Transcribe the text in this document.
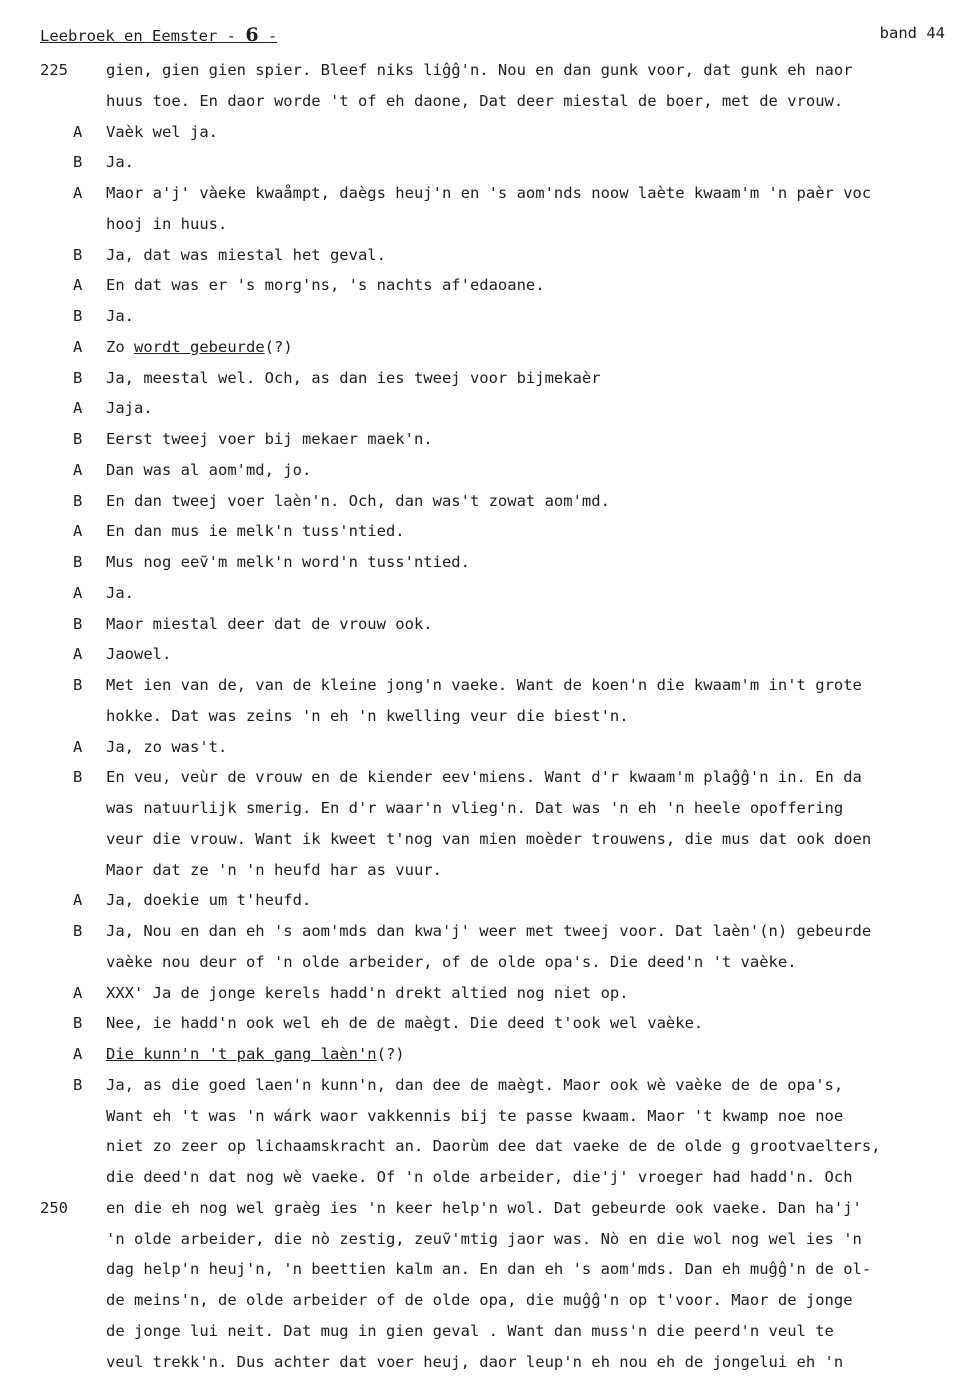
Leebroek en Eemster - 6 -	band 44
225 gien, gien gien spier. Bleef niks liĝĝ'n. Nou en dan gunk voor, dat gunk eh naor
huus toe. En daor worde 't of eh daone, Dat deer miestal de boer, met de vrouw.
A Vaèk wel ja.
B Ja.
A Maor a'j' vàeke kwaåmpt, daègs heuj'n en 's aom'nds noow laète kwaam'm 'n paèr voc
hooj in huus.
B Ja, dat was miestal het geval.
A En dat was er 's morg'ns, 's nachts af'edaoane.
B Ja.
A Zo wordt gebeurde(?)
B Ja, meestal wel. Och, as dan ies tweej voor bijmekaèr
A Jaja.
B Eerst tweej voer bij mekaer maek'n.
A Dan was al aom'md, jo.
B En dan tweej voer laèn'n. Och, dan was't zowat aom'md.
A En dan mus ie melk'n tuss'ntied.
B Mus nog eeṽ'm melk'n word'n tuss'ntied.
A Ja.
B Maor miestal deer dat de vrouw ook.
A Jaowel.
B Met ien van de, van de kleine jong'n vaeke. Want de koen'n die kwaam'm in't grote
hokke. Dat was zeins 'n eh 'n kwelling veur die biest'n.
A Ja, zo was't.
B En veu, veùr de vrouw en de kiender eev'miens. Want d'r kwaam'm plaĝĝ'n in. En da
was natuurlijk smerig. En d'r waar'n vlieg'n. Dat was 'n eh 'n heele opoffering
veur die vrouw. Want ik kweet t'nog van mien moèder trouwens, die mus dat ook doen
Maor dat ze 'n 'n heufd har as vuur.
A Ja, doekie um t'heufd.
B Ja, Nou en dan eh 's aom'mds dan kwa'j' weer met tweej voor. Dat laèn'(n) gebeurde
vaèke nou deur of 'n olde arbeider, of de olde opa's. Die deed'n 't vaèke.
A XXX' Ja de jonge kerels hadd'n drekt altied nog niet op.
B Nee, ie hadd'n ook wel eh de de maègt. Die deed t'ook wel vaèke.
A Die kunn'n 't pak gang laèn'n(?)
B Ja, as die goed laen'n kunn'n, dan dee de maègt. Maor ook wè vaèke de de opa's,
Want eh 't was 'n wárk waor vakkennis bij te passe kwaam. Maor 't kwamp noe noe
niet zo zeer op lichaamskracht an. Daorùm dee dat vaeke de de olde g grootvaelters,
die deed'n dat nog wè vaeke. Of 'n olde arbeider, die'j' vroeger had hadd'n. Och
250 en die eh nog wel graèg ies 'n keer help'n wol. Dat gebeurde ook vaeke. Dan ha'j'
'n olde arbeider, die nò zestig, zeuṽ'mtig jaor was. Nò en die wol nog wel ies 'n
dag help'n heuj'n, 'n beettien kalm an. En dan eh 's aom'mds. Dan eh muĝĝ'n de ol-
de meins'n, de olde arbeider of de olde opa, die muĝĝ'n op t'voor. Maor de jonge
de jonge lui neit. Dat mug in gien geval . Want dan muss'n die peerd'n veul te
veul trekk'n. Dus achter dat voer heuj, daor leup'n eh nou eh de jongelui eh 'n
